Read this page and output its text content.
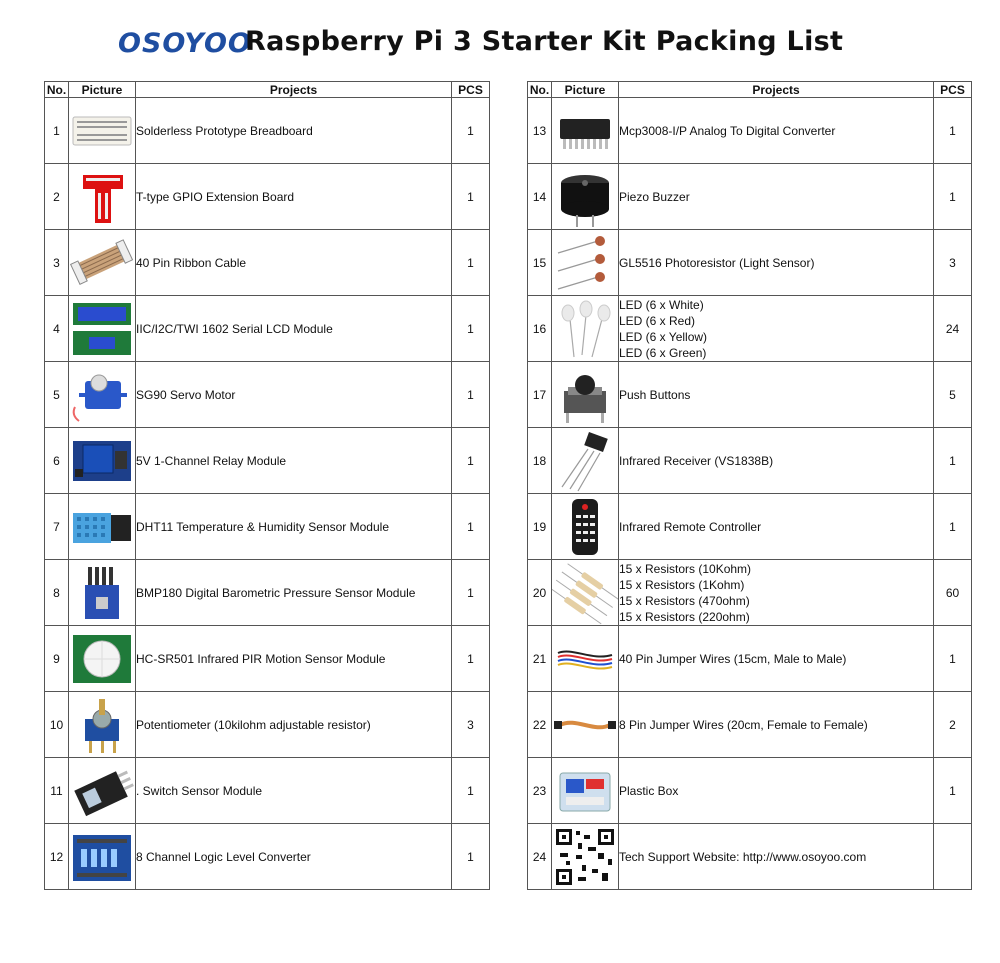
OSOYOO
Raspberry Pi 3 Starter Kit Packing List
No.	Picture	Projects	PCS
1		Solderless Prototype Breadboard	1
2		T-type GPIO Extension Board	1
3		40 Pin Ribbon Cable	1
4		IIC/I2C/TWI 1602 Serial LCD Module	1
5		SG90 Servo Motor	1
6		5V 1-Channel Relay Module	1
7		DHT11 Temperature & Humidity Sensor Module	1
8		BMP180 Digital Barometric Pressure Sensor Module	1
9		HC-SR501 Infrared PIR Motion Sensor Module	1
10		Potentiometer (10kilohm adjustable resistor)	3
11		. Switch Sensor Module	1
12		8 Channel Logic Level Converter	1
No.	Picture	Projects	PCS
13		Mcp3008-I/P Analog To Digital Converter	1
14		Piezo Buzzer	1
15		GL5516 Photoresistor (Light Sensor)	3
16		LED (6 x White)
LED (6 x Red)
LED (6 x Yellow)
LED (6 x Green)	24
17		Push Buttons	5
18		Infrared Receiver (VS1838B)	1
19		Infrared Remote Controller	1
20		15 x Resistors (10Kohm)
15 x Resistors (1Kohm)
15 x Resistors (470ohm)
15 x Resistors (220ohm)	60
21		40 Pin Jumper Wires (15cm, Male to Male)	1
22		8 Pin Jumper Wires (20cm, Female to Female)	2
23		Plastic Box	1
24		Tech Support Website: http://www.osoyoo.com	
